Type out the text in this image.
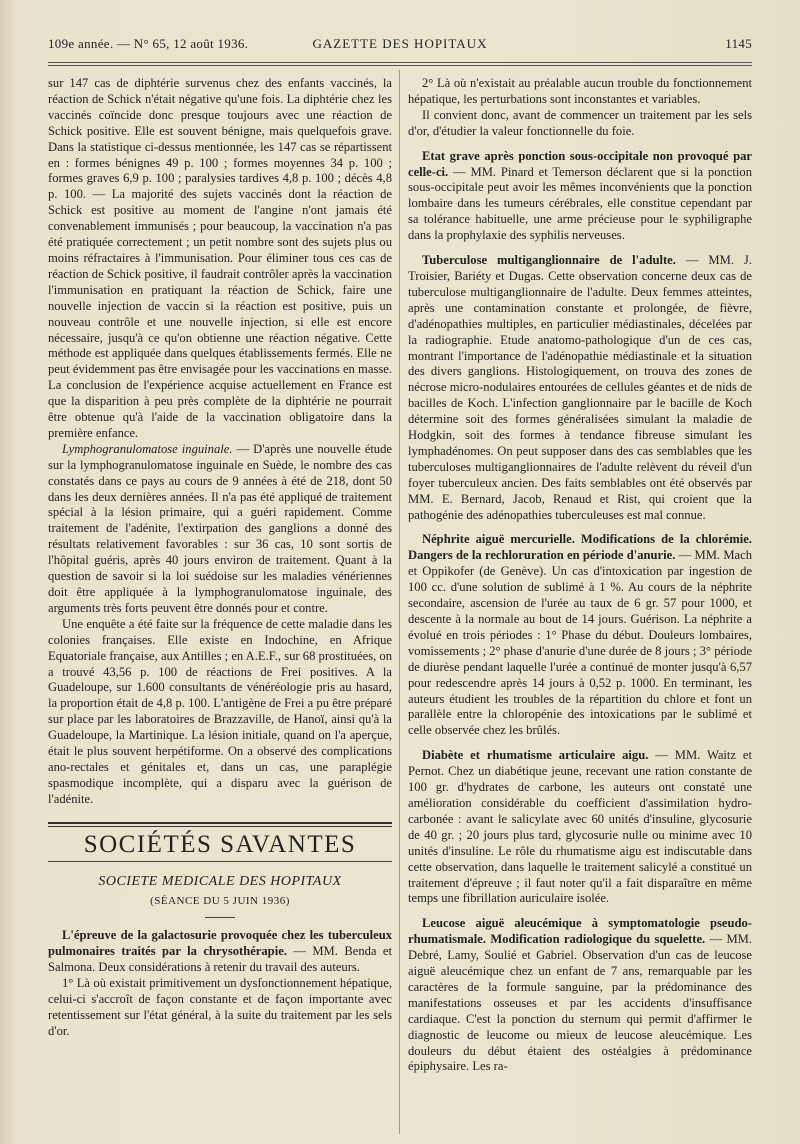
109e année. — N° 65, 12 août 1936.	GAZETTE DES HOPITAUX	1145

sur 147 cas de diphtérie survenus chez des enfants vaccinés, la réaction de Schick n'était négative qu'une fois. La diphtérie chez les vaccinés coïncide donc presque toujours avec une réaction de Schick positive. Elle est souvent bénigne, mais quelquefois grave. Dans la statistique ci-dessus mentionnée, les 147 cas se répartissent en : formes bénignes 49 p. 100 ; formes moyennes 34 p. 100 ; formes graves 6,9 p. 100 ; paralysies tardives 4,8 p. 100 ; décès 4,8 p. 100. — La majorité des sujets vaccinés dont la réaction de Schick est positive au moment de l'angine n'ont jamais été convenablement immunisés ; pour beaucoup, la vaccination n'a pas été pratiquée correctement ; un petit nombre sont des sujets plus ou moins réfractaires à l'immunisation. Pour éliminer tous ces cas de réaction de Schick positive, il faudrait contrôler après la vaccination l'immunisation en pratiquant la réaction de Schick, faire une nouvelle injection de vaccin si la réaction est positive, puis un nouveau contrôle et une nouvelle injection, si elle est encore nécessaire, jusqu'à ce qu'on obtienne une réaction négative. Cette méthode est appliquée dans quelques établissements fermés. Elle ne peut évidemment pas être envisagée pour les vaccinations en masse. La conclusion de l'expérience acquise actuellement en France est que la disparition à peu près complète de la diphtérie ne pourrait être obtenue qu'à l'aide de la vaccination obligatoire dans la première enfance.

Lymphogranulomatose inguinale. — D'après une nouvelle étude sur la lymphogranulomatose inguinale en Suède, le nombre des cas constatés dans ce pays au cours de 9 années à été de 218, dont 50 dans les deux dernières années. Il n'a pas été appliqué de traitement spécial à la lésion primaire, qui a guéri rapidement. Comme traitement de l'adénite, l'extirpation des ganglions a donné des résultats relativement favorables : sur 36 cas, 10 sont sortis de l'hôpital guéris, après 40 jours environ de traitement. Quant à la question de savoir si la loi suédoise sur les maladies vénériennes doit être appliquée à la lymphogranulomatose inguinale, des arguments très forts peuvent être donnés pour et contre.

Une enquête a été faite sur la fréquence de cette maladie dans les colonies françaises. Elle existe en Indochine, en Afrique Equatoriale française, aux Antilles ; en A.E.F., sur 68 prostituées, on a trouvé 43,56 p. 100 de réactions de Frei positives. A la Guadeloupe, sur 1.600 consultants de vénéréologie pris au hasard, la proportion était de 4,8 p. 100. L'antigène de Frei a pu être préparé sur place par les laboratoires de Brazzaville, de Hanoï, ainsi qu'à la Guadeloupe, la Martinique. La lésion initiale, quand on l'a aperçue, était le plus souvent herpétiforme. On a observé des complications ano-rectales et génitales et, dans un cas, une paraplégie spasmodique incomplète, qui a disparu avec la guérison de l'adénite.

SOCIÉTÉS SAVANTES
SOCIETE MEDICALE DES HOPITAUX
(SÉANCE DU 5 JUIN 1936)

L'épreuve de la galactosurie provoquée chez les tuberculeux pulmonaires traités par la chrysothérapie. — MM. Benda et Salmona. Deux considérations à retenir du travail des auteurs.

1° Là où existait primitivement un dysfonctionnement hépatique, celui-ci s'accroît de façon constante et de façon importante avec retentissement sur l'état général, à la suite du traitement par les sels d'or.

2° Là où n'existait au préalable aucun trouble du fonctionnement hépatique, les perturbations sont inconstantes et variables.

Il convient donc, avant de commencer un traitement par les sels d'or, d'étudier la valeur fonctionnelle du foie.

Etat grave après ponction sous-occipitale non provoqué par celle-ci. — MM. Pinard et Temerson déclarent que si la ponction sous-occipitale peut avoir les mêmes inconvénients que la ponction lombaire dans les tumeurs cérébrales, elle constitue cependant par sa tolérance habituelle, une arme précieuse pour le syphiligraphe dans la prophylaxie des syphilis nerveuses.

Tuberculose multiganglionnaire de l'adulte. — MM. J. Troisier, Bariéty et Dugas. Cette observation concerne deux cas de tuberculose multiganglionnaire de l'adulte. Deux femmes atteintes, après une contamination constante et prolongée, de fièvre, d'adénopathies multiples, en particulier médiastinales, décelées par la radiographie. Etude anatomo-pathologique d'un de ces cas, montrant l'importance de l'adénopathie médiastinale et la situation des divers ganglions. Histologiquement, on trouva des zones de nécrose micro-nodulaires entourées de cellules géantes et de nids de bacilles de Koch. L'infection ganglionnaire par le bacille de Koch détermine soit des formes généralisées simulant la maladie de Hodgkin, soit des formes à tendance fibreuse simulant les lymphadénomes. On peut supposer dans des cas semblables que les tuberculoses multiganglionnaires de l'adulte relèvent du réveil d'un foyer tuberculeux ancien. Des faits semblables ont été observés par MM. E. Bernard, Jacob, Renaud et Rist, qui croient que la pathogénie des adénopathies tuberculeuses est mal connue.

Néphrite aiguë mercurielle. Modifications de la chlorémie. Dangers de la rechloruration en période d'anurie. — MM. Mach et Oppikofer (de Genève). Un cas d'intoxication par ingestion de 100 cc. d'une solution de sublimé à 1 %. Au cours de la néphrite secondaire, ascension de l'urée au taux de 6 gr. 57 pour 1000, et descente à la normale au bout de 14 jours. Guérison. La néphrite a évolué en trois périodes : 1° Phase du début. Douleurs lombaires, vomissements ; 2° phase d'anurie d'une durée de 8 jours ; 3° période de diurèse pendant laquelle l'urée a continué de monter jusqu'à 6,57 pour redescendre après 14 jours à 0,52 p. 1000. En terminant, les auteurs étudient les troubles de la répartition du chlore et font un parallèle entre la chloropénie des intoxications par le sublimé et celle observée chez les brûlés.

Diabète et rhumatisme articulaire aigu. — MM. Waitz et Pernot. Chez un diabétique jeune, recevant une ration constante de 100 gr. d'hydrates de carbone, les auteurs ont constaté une amélioration considérable du coefficient d'assimilation hydro-carbonée : avant le salicylate avec 60 unités d'insuline, glycosurie de 40 gr. ; 20 jours plus tard, glycosurie nulle ou minime avec 10 unités d'insuline. Le rôle du rhumatisme aigu est indiscutable dans cette observation, dans laquelle le traitement salicylé a constitué un traitement d'épreuve ; il faut noter qu'il a fait disparaître en même temps une fibrillation auriculaire isolée.

Leucose aiguë aleucémique à symptomatologie pseudo-rhumatismale. Modification radiologique du squelette. — MM. Debré, Lamy, Soulié et Gabriel. Observation d'un cas de leucose aiguë aleucémique chez un enfant de 7 ans, remarquable par les caractères de la formule sanguine, par la prédominance des manifestations osseuses et par les accidents d'insuffisance cardiaque. C'est la ponction du sternum qui permit d'affirmer le diagnostic de leucome ou mieux de leucose aleucémique. Les douleurs du début étaient des ostéalgies à prédominance épiphysaire. Les ra-
